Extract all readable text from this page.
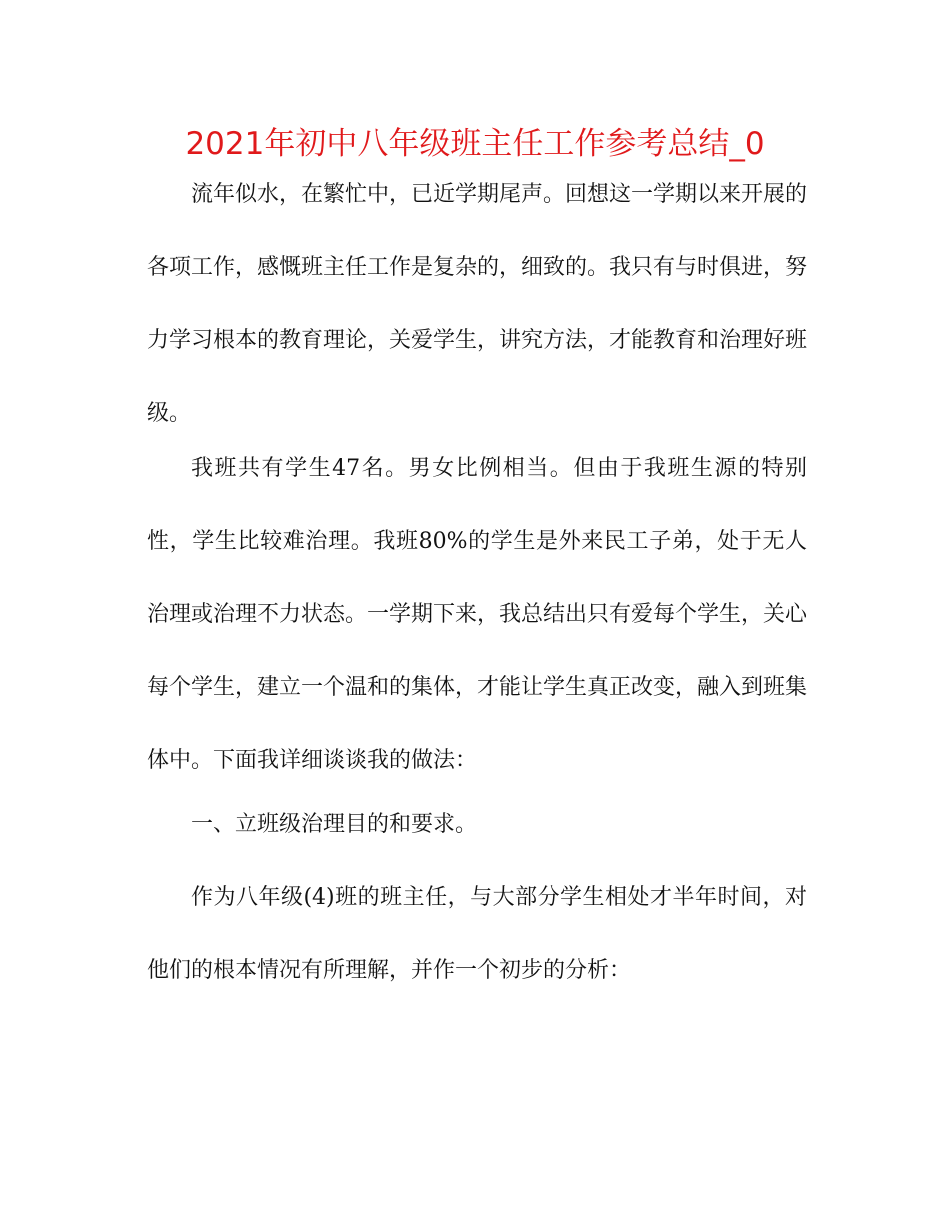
2021年初中八年级班主任工作参考总结_0

流年似水，在繁忙中，已近学期尾声。回想这一学期以来开展的各项工作，感慨班主任工作是复杂的，细致的。我只有与时俱进，努力学习根本的教育理论，关爱学生，讲究方法，才能教育和治理好班级。

我班共有学生47名。男女比例相当。但由于我班生源的特别性，学生比较难治理。我班80%的学生是外来民工子弟，处于无人治理或治理不力状态。一学期下来，我总结出只有爱每个学生，关心每个学生，建立一个温和的集体，才能让学生真正改变，融入到班集体中。下面我详细谈谈我的做法：

一、立班级治理目的和要求。

作为八年级(4)班的班主任，与大部分学生相处才半年时间，对他们的根本情况有所理解，并作一个初步的分析：
